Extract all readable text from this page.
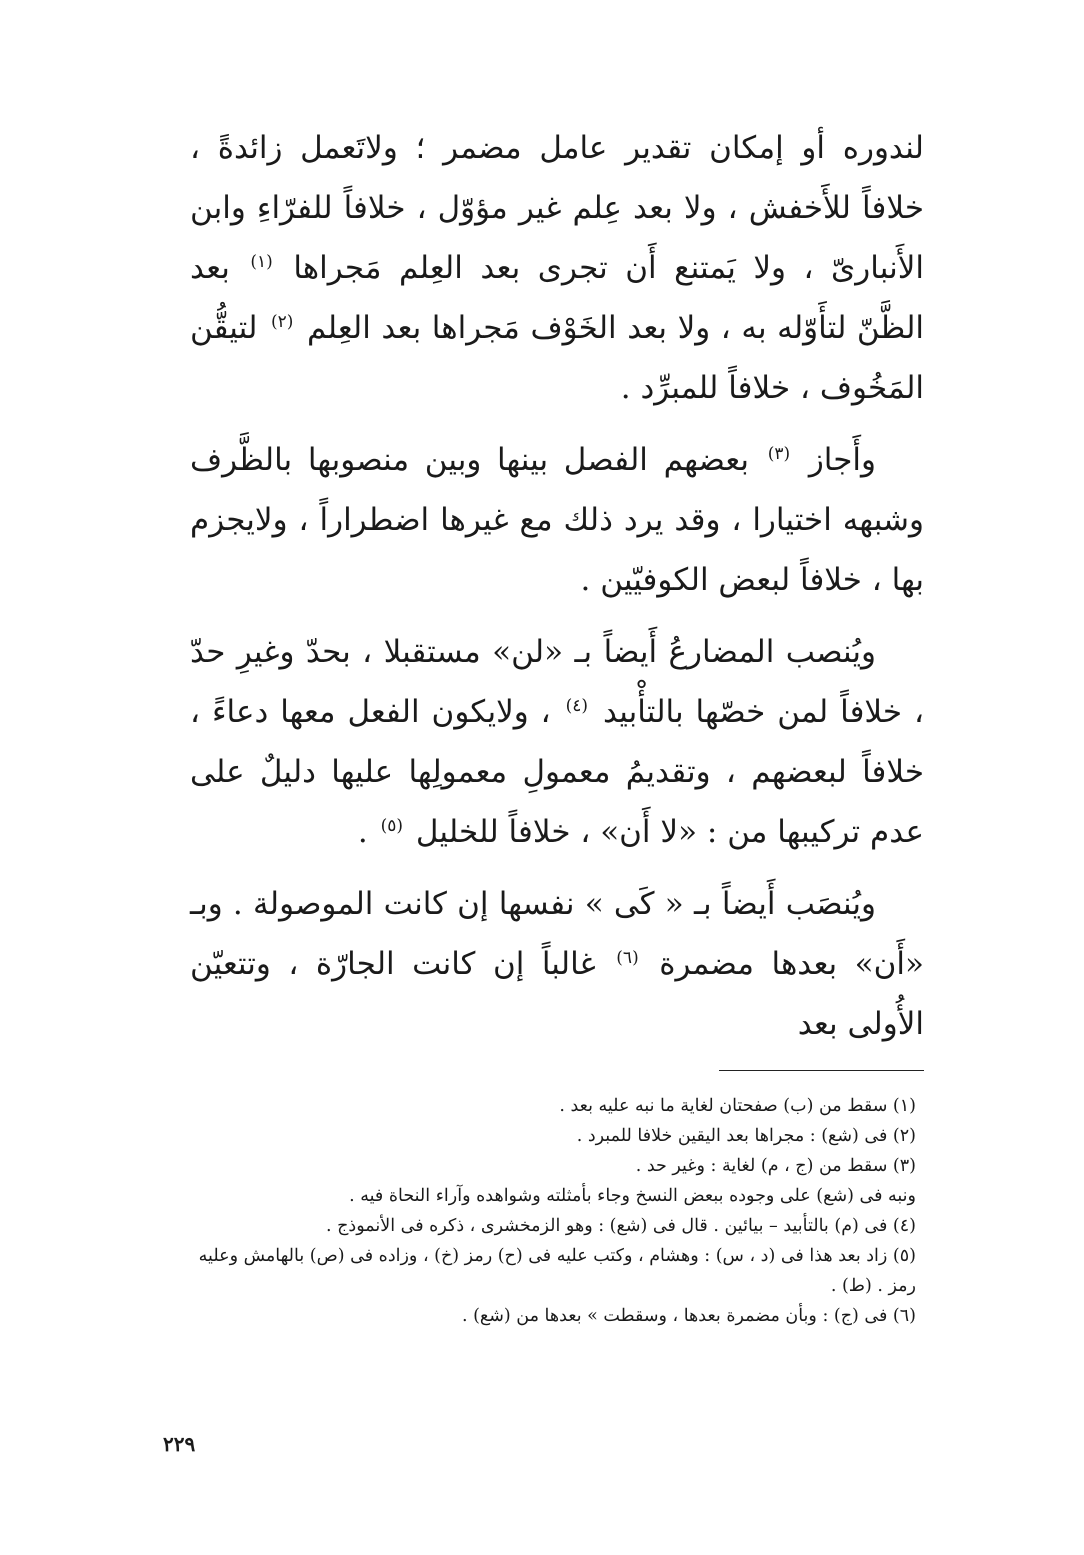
لندوره أو إمكان تقدير عامل مضمر ؛ ولاتَعمل زائدةً ، خلافاً للأَخفش ، ولا بعد عِلم غير مؤوّل ، خلافاً للفرّاءِ وابن الأَنبارىّ ، ولا يَمتنع أَن تجرى بعد العِلم مَجراها $^{(١)}$ بعد الظَّنّ لتأَوّله به ، ولا بعد الخَوْف مَجراها بعد العِلم $^{(٢)}$ لتيقُّن المَخُوف ، خلافاً للمبرِّد .

وأَجاز $^{(٣)}$ بعضهم الفصل بينها وبين منصوبها بالظَّرف وشبهه اختيارا ، وقد يرد ذلك مع غيرها اضطراراً ، ولايجزم بها ، خلافاً لبعض الكوفيّين .

ويُنصب المضارعُ أَيضاً بـ «لن» مستقبلا ، بحدّ وغيرِ حدّ ، خلافاً لمن خصّها بالتأْبيد $^{(٤)}$ ، ولايكون الفعل معها دعاءً ، خلافاً لبعضهم ، وتقديمُ معمولِ معمولِها عليها دليلٌ على عدم تركيبها من : «لا أَن» ، خلافاً للخليل $^{(٥)}$ .

ويُنصَب أَيضاً بـ « كَى » نفسها إن كانت الموصولة . وبـ «أَن» بعدها مضمرة $^{(٦)}$ غالباً إن كانت الجارّة ، وتتعيّن الأُولى بعد

(١) سقط من (ب) صفحتان لغاية ما نبه عليه بعد .

(٢) فى (شع) : مجراها بعد اليقين خلافا للمبرد .

(٣) سقط من (ج ، م) لغاية : وغير حد .

ونبه فى (شع) على وجوده ببعض النسخ وجاء بأمثلته وشواهده وآراء النحاة فيه .

(٤) فى (م) بالتأبيد – بيائين . قال فى (شع) : وهو الزمخشرى ، ذكره فى الأنموذج .

(٥) زاد بعد هذا فى (د ، س) : وهشام ، وكتب عليه فى (ح) رمز (خ) ، وزاده فى (ص) بالهامش وعليه رمز . (ط) .

(٦) فى (ج) : وبأن مضمرة بعدها ، وسقطت » بعدها من (شع) .

٢٢٩
